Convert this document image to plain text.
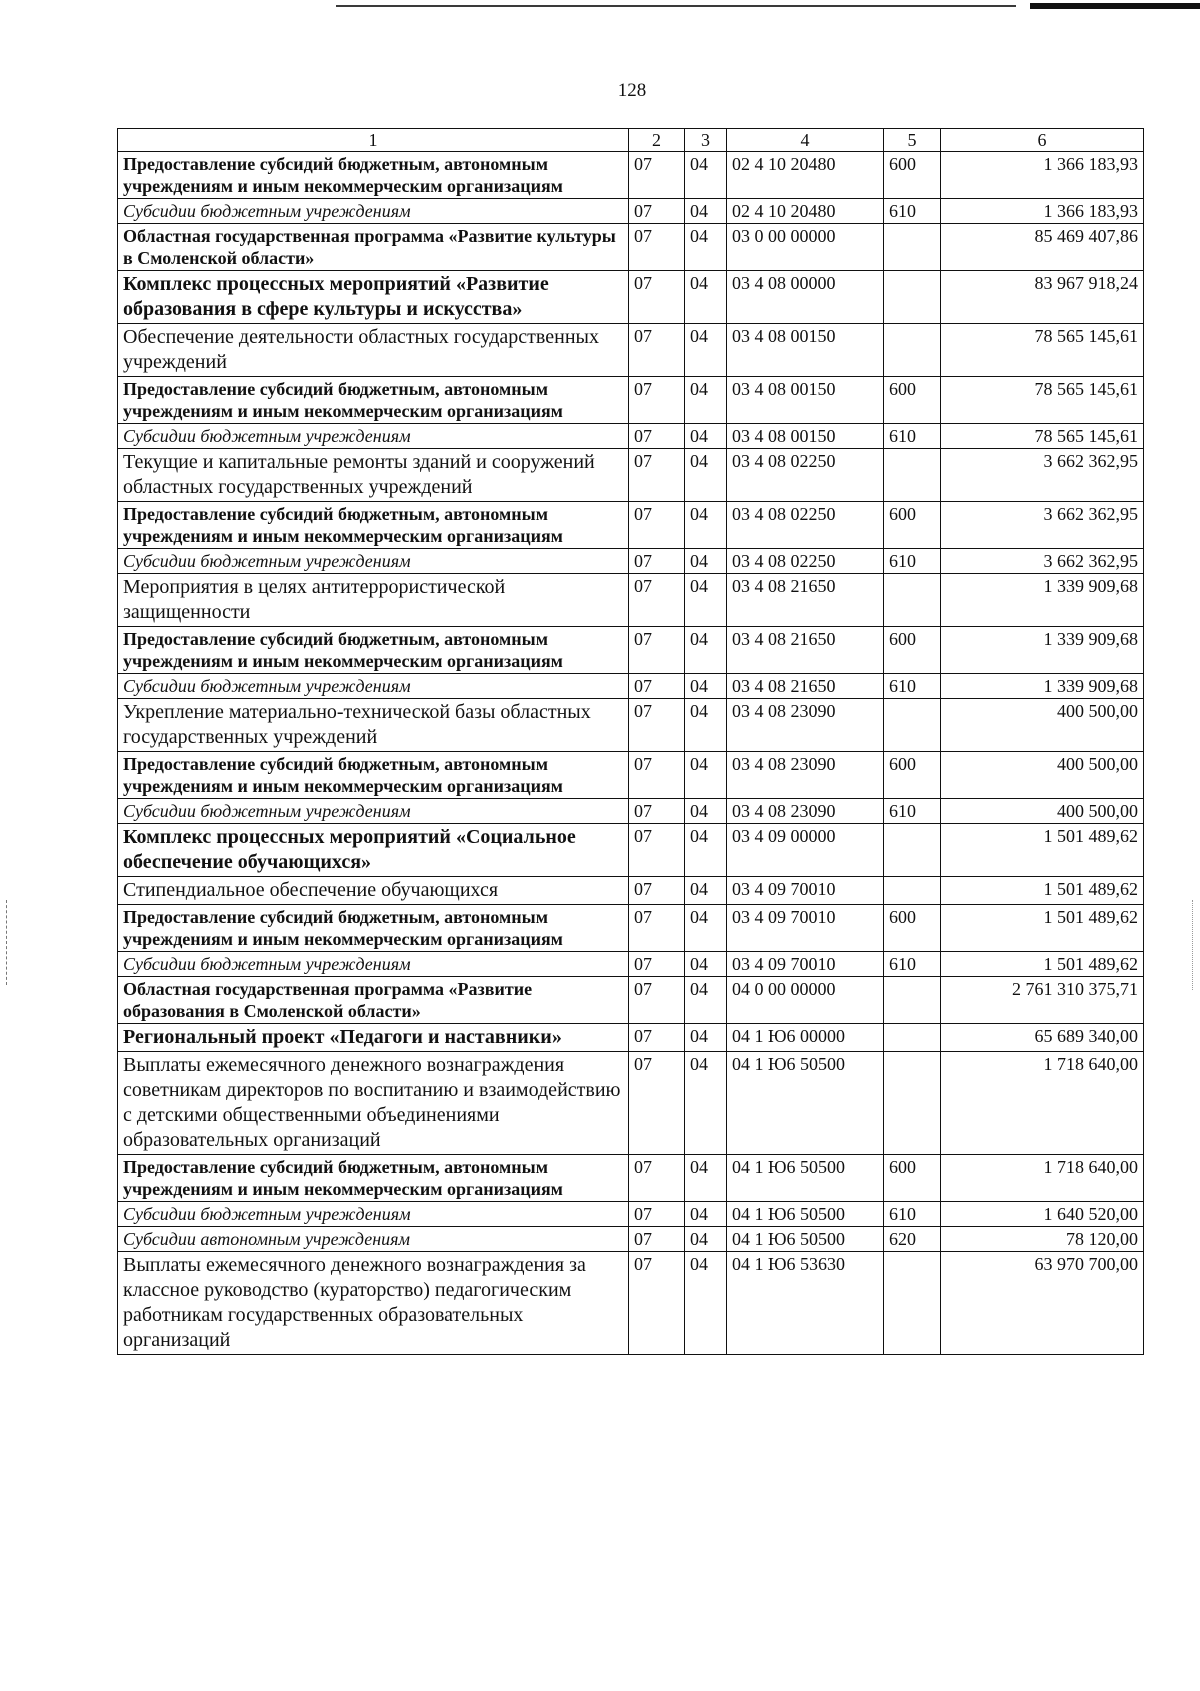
128
1	2	3	4	5	6
Предоставление субсидий бюджетным, автономным учреждениям и иным некоммерческим организациям	07	04	02 4 10 20480	600	1 366 183,93
Субсидии бюджетным учреждениям	07	04	02 4 10 20480	610	1 366 183,93
Областная государственная программа «Развитие культуры в Смоленской области»	07	04	03 0 00 00000		85 469 407,86
Комплекс процессных мероприятий «Развитие образования в сфере культуры и искусства»	07	04	03 4 08 00000		83 967 918,24
Обеспечение деятельности областных государственных учреждений	07	04	03 4 08 00150		78 565 145,61
Предоставление субсидий бюджетным, автономным учреждениям и иным некоммерческим организациям	07	04	03 4 08 00150	600	78 565 145,61
Субсидии бюджетным учреждениям	07	04	03 4 08 00150	610	78 565 145,61
Текущие и капитальные ремонты зданий и сооружений областных государственных учреждений	07	04	03 4 08 02250		3 662 362,95
Предоставление субсидий бюджетным, автономным учреждениям и иным некоммерческим организациям	07	04	03 4 08 02250	600	3 662 362,95
Субсидии бюджетным учреждениям	07	04	03 4 08 02250	610	3 662 362,95
Мероприятия в целях антитеррористической защищенности	07	04	03 4 08 21650		1 339 909,68
Предоставление субсидий бюджетным, автономным учреждениям и иным некоммерческим организациям	07	04	03 4 08 21650	600	1 339 909,68
Субсидии бюджетным учреждениям	07	04	03 4 08 21650	610	1 339 909,68
Укрепление материально-технической базы областных государственных учреждений	07	04	03 4 08 23090		400 500,00
Предоставление субсидий бюджетным, автономным учреждениям и иным некоммерческим организациям	07	04	03 4 08 23090	600	400 500,00
Субсидии бюджетным учреждениям	07	04	03 4 08 23090	610	400 500,00
Комплекс процессных мероприятий «Социальное обеспечение обучающихся»	07	04	03 4 09 00000		1 501 489,62
Стипендиальное обеспечение обучающихся	07	04	03 4 09 70010		1 501 489,62
Предоставление субсидий бюджетным, автономным учреждениям и иным некоммерческим организациям	07	04	03 4 09 70010	600	1 501 489,62
Субсидии бюджетным учреждениям	07	04	03 4 09 70010	610	1 501 489,62
Областная государственная программа «Развитие образования в Смоленской области»	07	04	04 0 00 00000		2 761 310 375,71
Региональный проект «Педагоги и наставники»	07	04	04 1 Ю6 00000		65 689 340,00
Выплаты ежемесячного денежного вознаграждения советникам директоров по воспитанию и взаимодействию с детскими общественными объединениями образовательных организаций	07	04	04 1 Ю6 50500		1 718 640,00
Предоставление субсидий бюджетным, автономным учреждениям и иным некоммерческим организациям	07	04	04 1 Ю6 50500	600	1 718 640,00
Субсидии бюджетным учреждениям	07	04	04 1 Ю6 50500	610	1 640 520,00
Субсидии автономным учреждениям	07	04	04 1 Ю6 50500	620	78 120,00
Выплаты ежемесячного денежного вознаграждения за классное руководство (кураторство) педагогическим работникам государственных образовательных организаций	07	04	04 1 Ю6 53630		63 970 700,00
